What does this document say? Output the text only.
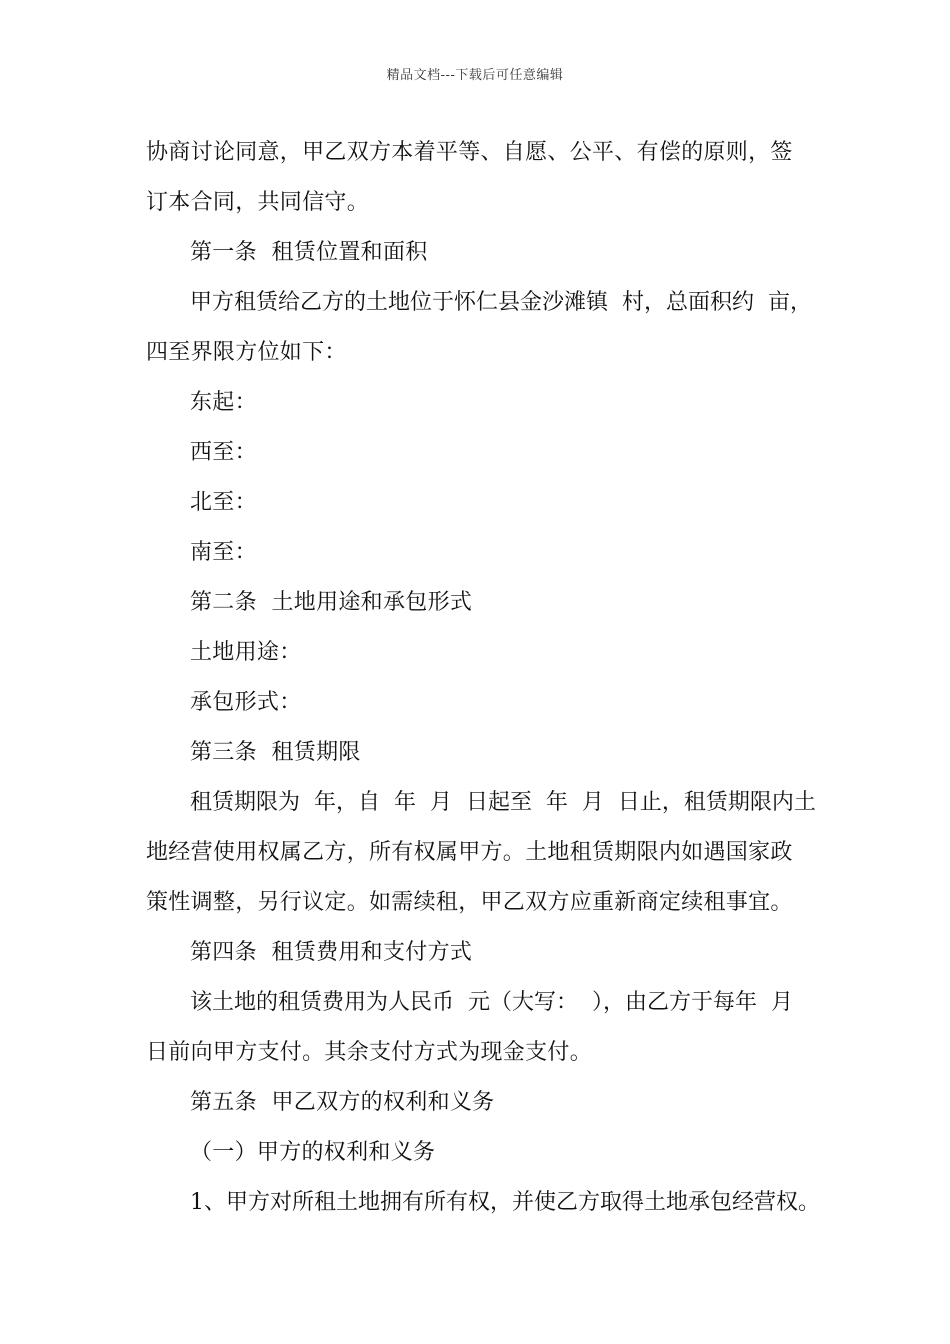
精品文档---下载后可任意编辑
协商讨论同意，甲乙双方本着平等、自愿、公平、有偿的原则，签
订本合同，共同信守。
第一条  租赁位置和面积
甲方租赁给乙方的土地位于怀仁县金沙滩镇  村，总面积约  亩，
四至界限方位如下：
东起：
西至：
北至：
南至：
第二条  土地用途和承包形式
土地用途：
承包形式：
第三条  租赁期限
租赁期限为  年，自  年  月  日起至  年  月  日止，租赁期限内土
地经营使用权属乙方，所有权属甲方。土地租赁期限内如遇国家政
策性调整，另行议定。如需续租，甲乙双方应重新商定续租事宜。
第四条  租赁费用和支付方式
该土地的租赁费用为人民币  元（大写：  ），由乙方于每年  月
日前向甲方支付。其余支付方式为现金支付。
第五条  甲乙双方的权利和义务
（一）甲方的权利和义务
1、甲方对所租土地拥有所有权，并使乙方取得土地承包经营权。
